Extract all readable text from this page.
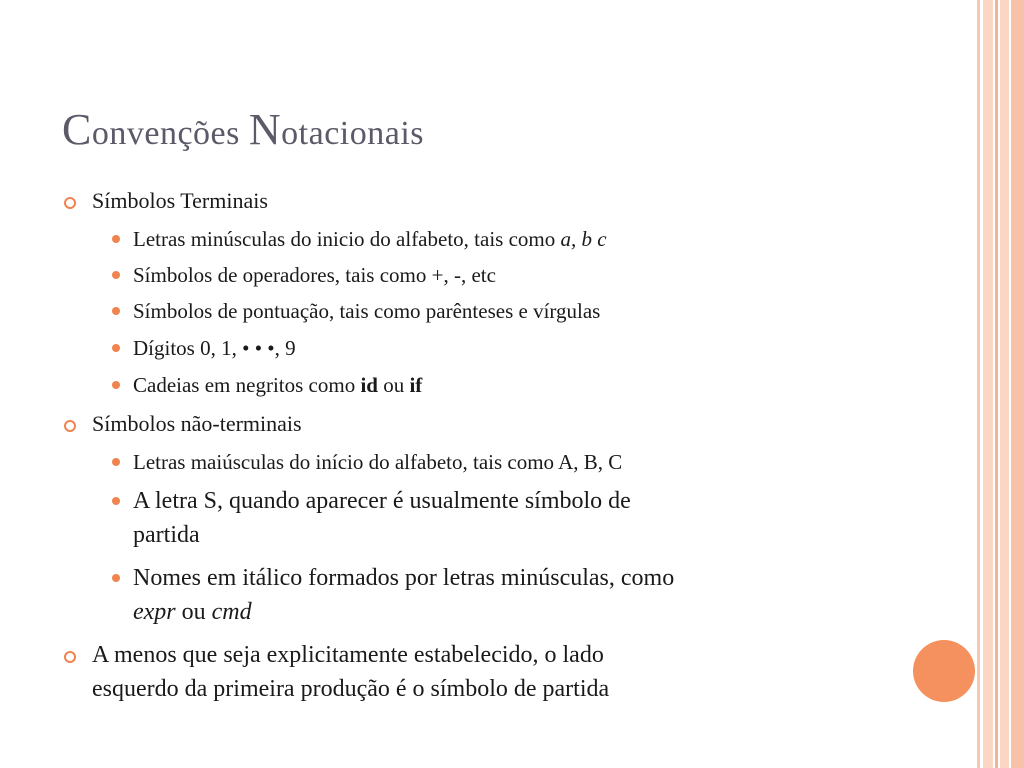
Convenções Notacionais
Símbolos Terminais
Letras minúsculas do inicio do alfabeto, tais como a, b c
Símbolos de operadores, tais como +, -, etc
Símbolos de pontuação, tais como parênteses e vírgulas
Dígitos 0, 1, • • •, 9
Cadeias em negritos como id ou if
Símbolos não-terminais
Letras maiúsculas do início do alfabeto, tais como A, B, C
A letra S, quando aparecer é usualmente símbolo de
partida
Nomes em itálico formados por letras minúsculas, como
expr ou cmd
A menos que seja explicitamente estabelecido, o lado
esquerdo da primeira produção é o símbolo de partida
